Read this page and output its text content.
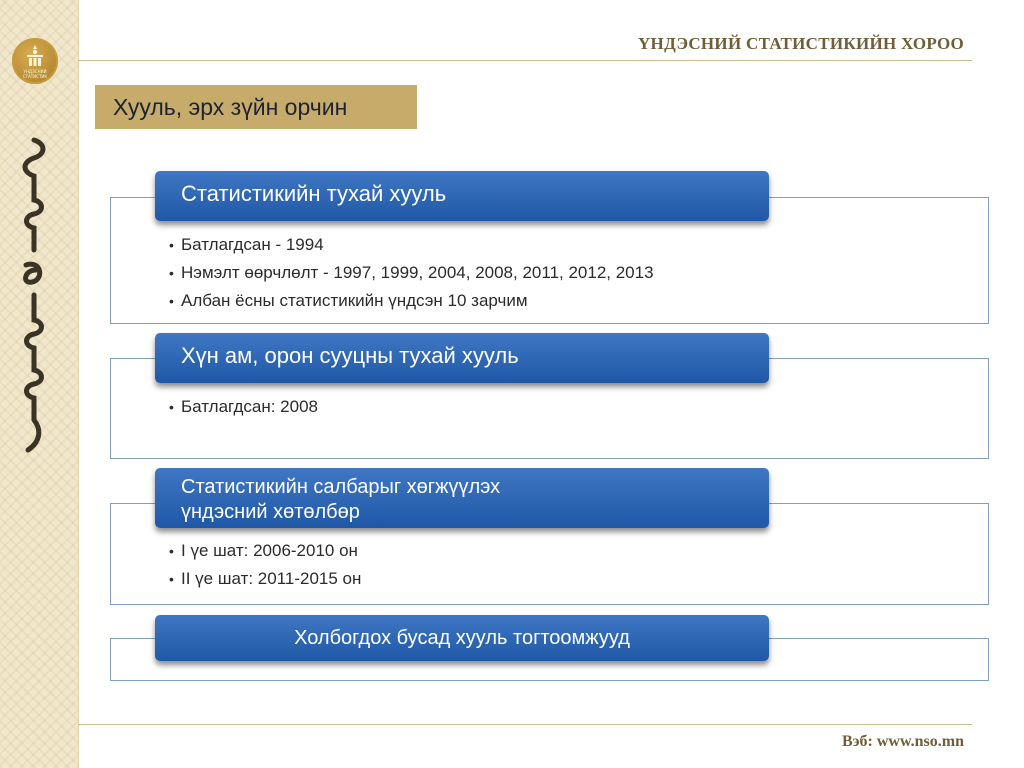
ҮНДЭСНИЙ
СТАТИСТИК
ҮНДЭСНИЙ СТАТИСТИКИЙН ХОРОО
Хууль, эрх зүйн орчин
• Батлагдсан - 1994
• Нэмэлт өөрчлөлт - 1997, 1999, 2004, 2008, 2011, 2012, 2013
• Албан ёсны статистикийн үндсэн 10 зарчим
Статистикийн тухай хууль
• Батлагдсан: 2008
Хүн ам, орон сууцны тухай хууль
• I үе шат: 2006-2010 он
• II үе шат: 2011-2015 он
Статистикийн салбарыг хөгжүүлэх
үндэсний хөтөлбөр
Холбогдох бусад хууль тогтоомжууд
Вэб: www.nso.mn
